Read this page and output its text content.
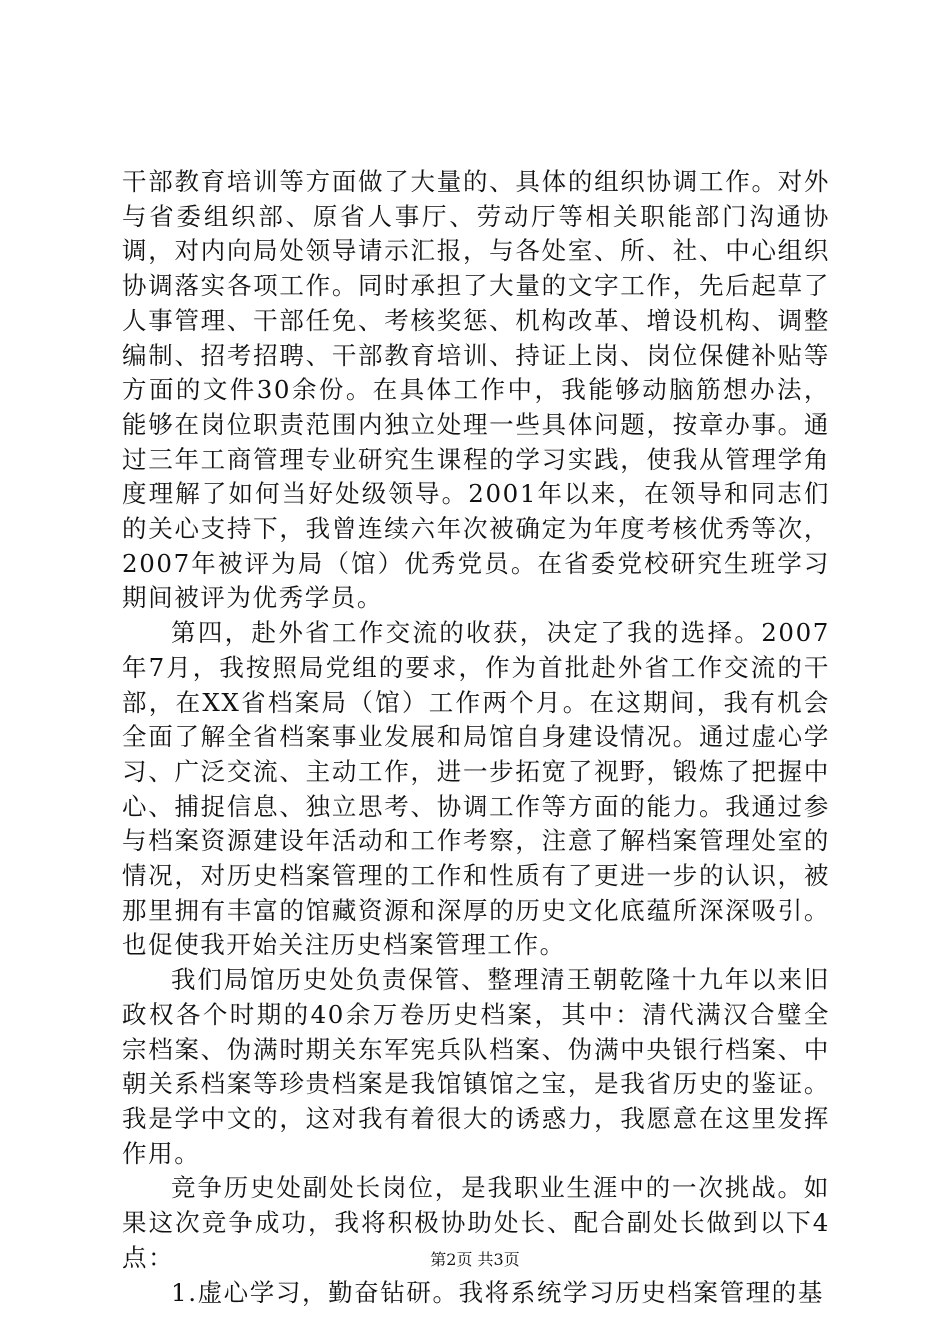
干部教育培训等方面做了大量的、具体的组织协调工作。对外与省委组织部、原省人事厅、劳动厅等相关职能部门沟通协调，对内向局处领导请示汇报，与各处室、所、社、中心组织协调落实各项工作。同时承担了大量的文字工作，先后起草了人事管理、干部任免、考核奖惩、机构改革、增设机构、调整编制、招考招聘、干部教育培训、持证上岗、岗位保健补贴等方面的文件30余份。在具体工作中，我能够动脑筋想办法，能够在岗位职责范围内独立处理一些具体问题，按章办事。通过三年工商管理专业研究生课程的学习实践，使我从管理学角度理解了如何当好处级领导。2001年以来，在领导和同志们的关心支持下，我曾连续六年次被确定为年度考核优秀等次，2007年被评为局（馆）优秀党员。在省委党校研究生班学习期间被评为优秀学员。

第四，赴外省工作交流的收获，决定了我的选择。2007年7月，我按照局党组的要求，作为首批赴外省工作交流的干部，在XX省档案局（馆）工作两个月。在这期间，我有机会全面了解全省档案事业发展和局馆自身建设情况。通过虚心学习、广泛交流、主动工作，进一步拓宽了视野，锻炼了把握中心、捕捉信息、独立思考、协调工作等方面的能力。我通过参与档案资源建设年活动和工作考察，注意了解档案管理处室的情况，对历史档案管理的工作和性质有了更进一步的认识，被那里拥有丰富的馆藏资源和深厚的历史文化底蕴所深深吸引。也促使我开始关注历史档案管理工作。

我们局馆历史处负责保管、整理清王朝乾隆十九年以来旧政权各个时期的40余万卷历史档案，其中：清代满汉合璧全宗档案、伪满时期关东军宪兵队档案、伪满中央银行档案、中朝关系档案等珍贵档案是我馆镇馆之宝，是我省历史的鉴证。我是学中文的，这对我有着很大的诱惑力，我愿意在这里发挥作用。

竞争历史处副处长岗位，是我职业生涯中的一次挑战。如果这次竞争成功，我将积极协助处长、配合副处长做到以下4点：

1.虚心学习，勤奋钻研。我将系统学习历史档案管理的基

第2页 共3页
